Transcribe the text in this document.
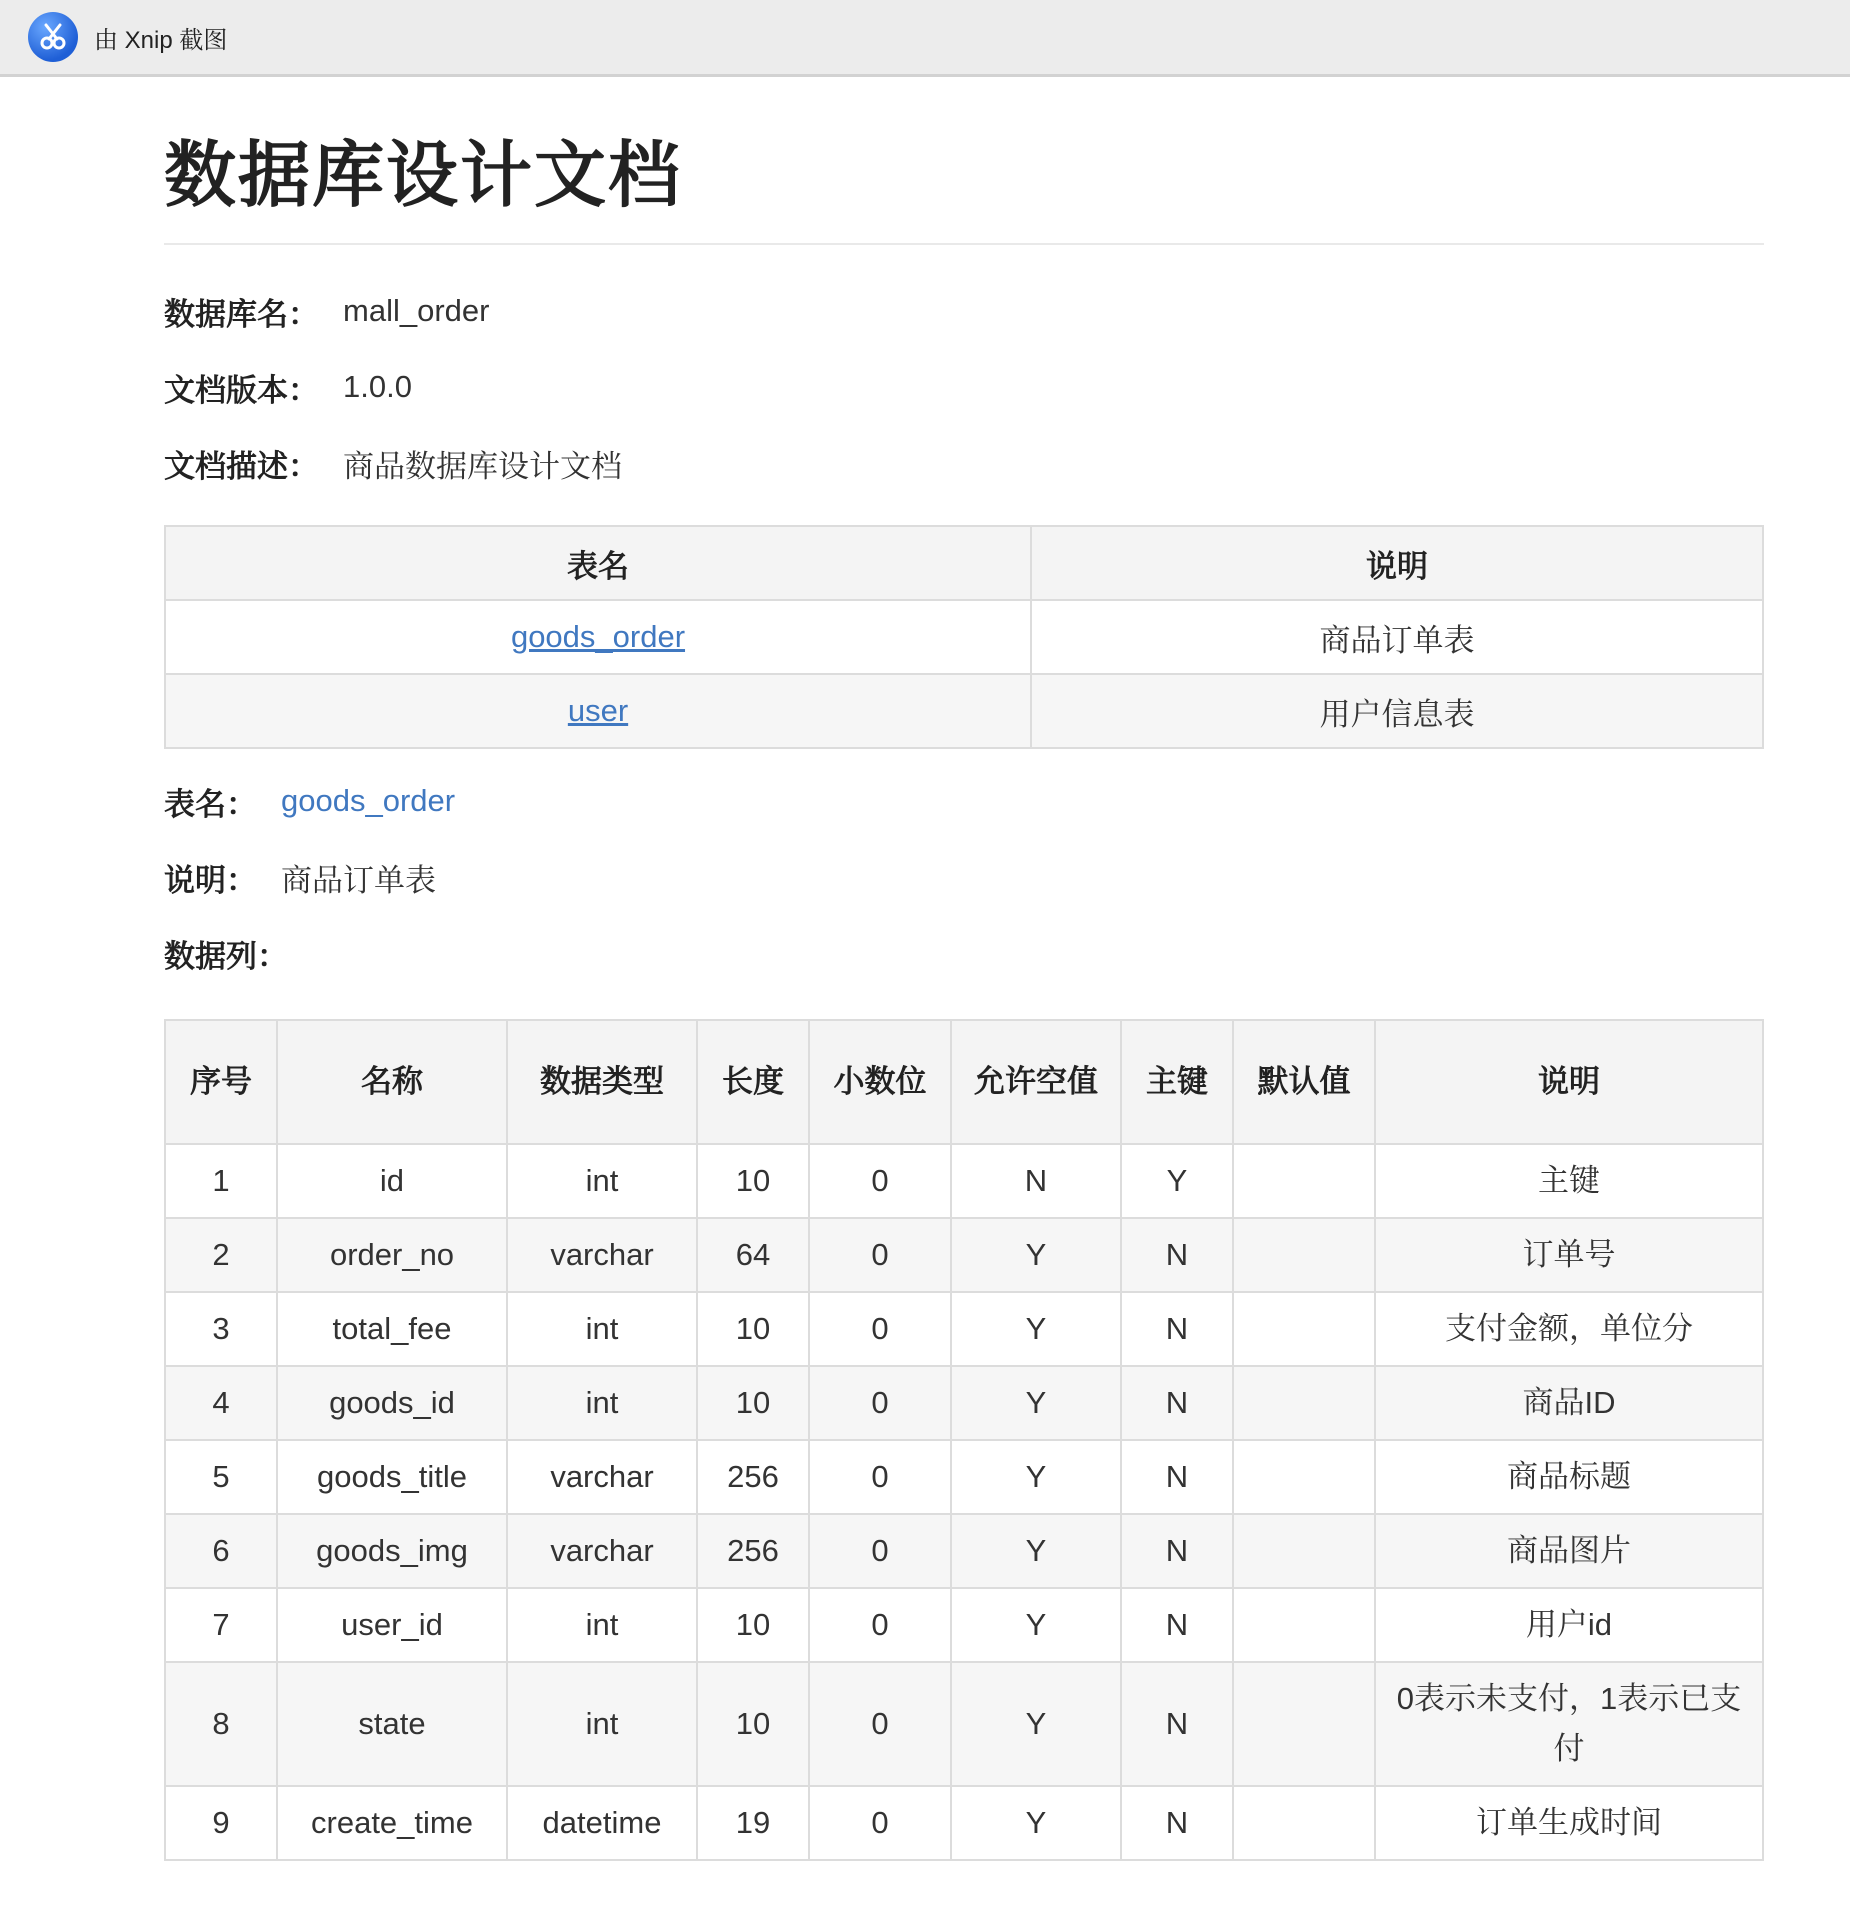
由 Xnip 截图
数据库设计文档
数据库名： mall_order
文档版本： 1.0.0
文档描述： 商品数据库设计文档
表名	说明
goods_order	商品订单表
user	用户信息表
表名： goods_order
说明： 商品订单表
数据列：
序号	名称	数据类型	长度	小数位	允许空值	主键	默认值	说明
1	id	int	10	0	N	Y		主键
2	order_no	varchar	64	0	Y	N		订单号
3	total_fee	int	10	0	Y	N		支付金额，单位分
4	goods_id	int	10	0	Y	N		商品ID
5	goods_title	varchar	256	0	Y	N		商品标题
6	goods_img	varchar	256	0	Y	N		商品图片
7	user_id	int	10	0	Y	N		用户id
8	state	int	10	0	Y	N		0表示未支付，1表示已支付
9	create_time	datetime	19	0	Y	N		订单生成时间
